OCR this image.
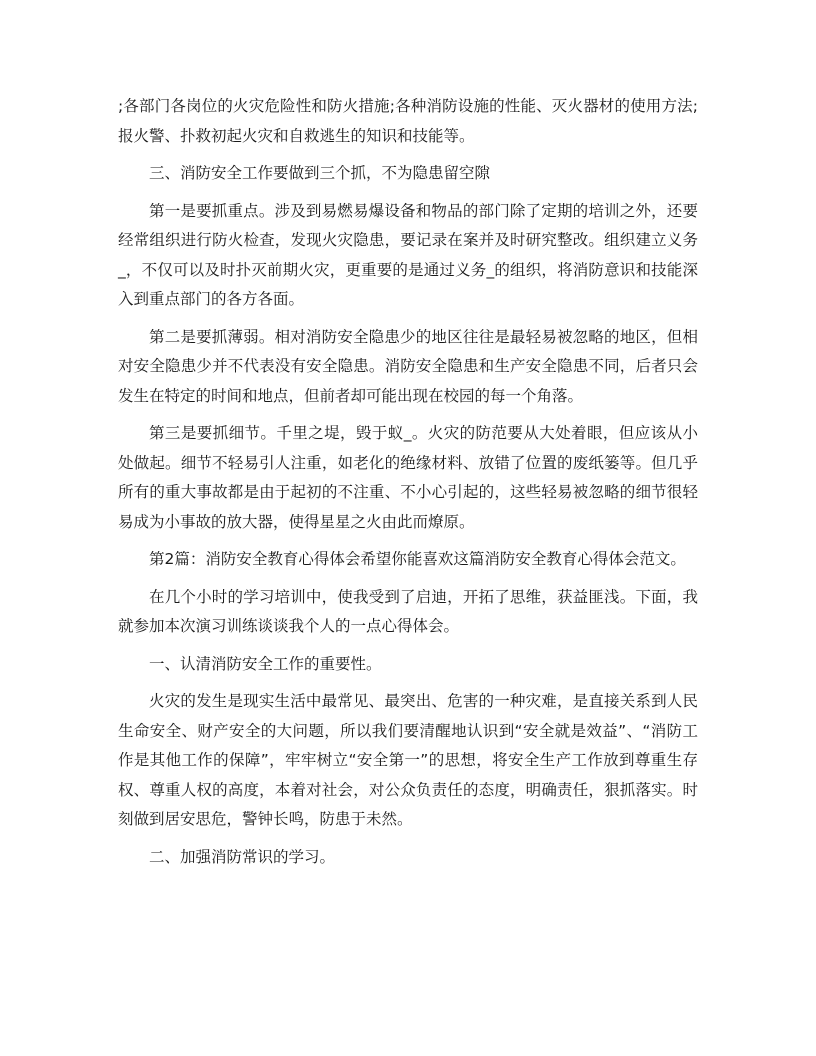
;各部门各岗位的火灾危险性和防火措施;各种消防设施的性能、灭火器材的使用方法;报火警、扑救初起火灾和自救逃生的知识和技能等。

三、消防安全工作要做到三个抓，不为隐患留空隙

第一是要抓重点。涉及到易燃易爆设备和物品的部门除了定期的培训之外，还要经常组织进行防火检查，发现火灾隐患，要记录在案并及时研究整改。组织建立义务_，不仅可以及时扑灭前期火灾，更重要的是通过义务_的组织，将消防意识和技能深入到重点部门的各方各面。

第二是要抓薄弱。相对消防安全隐患少的地区往往是最轻易被忽略的地区，但相对安全隐患少并不代表没有安全隐患。消防安全隐患和生产安全隐患不同，后者只会发生在特定的时间和地点，但前者却可能出现在校园的每一个角落。

第三是要抓细节。千里之堤，毁于蚁_。火灾的防范要从大处着眼，但应该从小处做起。细节不轻易引人注重，如老化的绝缘材料、放错了位置的废纸篓等。但几乎所有的重大事故都是由于起初的不注重、不小心引起的，这些轻易被忽略的细节很轻易成为小事故的放大器，使得星星之火由此而燎原。

第2篇：消防安全教育心得体会希望你能喜欢这篇消防安全教育心得体会范文。

在几个小时的学习培训中，使我受到了启迪，开拓了思维，获益匪浅。下面，我就参加本次演习训练谈谈我个人的一点心得体会。

一、认清消防安全工作的重要性。

火灾的发生是现实生活中最常见、最突出、危害的一种灾难，是直接关系到人民生命安全、财产安全的大问题，所以我们要清醒地认识到“安全就是效益”、“消防工作是其他工作的保障”，牢牢树立“安全第一”的思想，将安全生产工作放到尊重生存权、尊重人权的高度，本着对社会，对公众负责任的态度，明确责任，狠抓落实。时刻做到居安思危，警钟长鸣，防患于未然。

二、加强消防常识的学习。
